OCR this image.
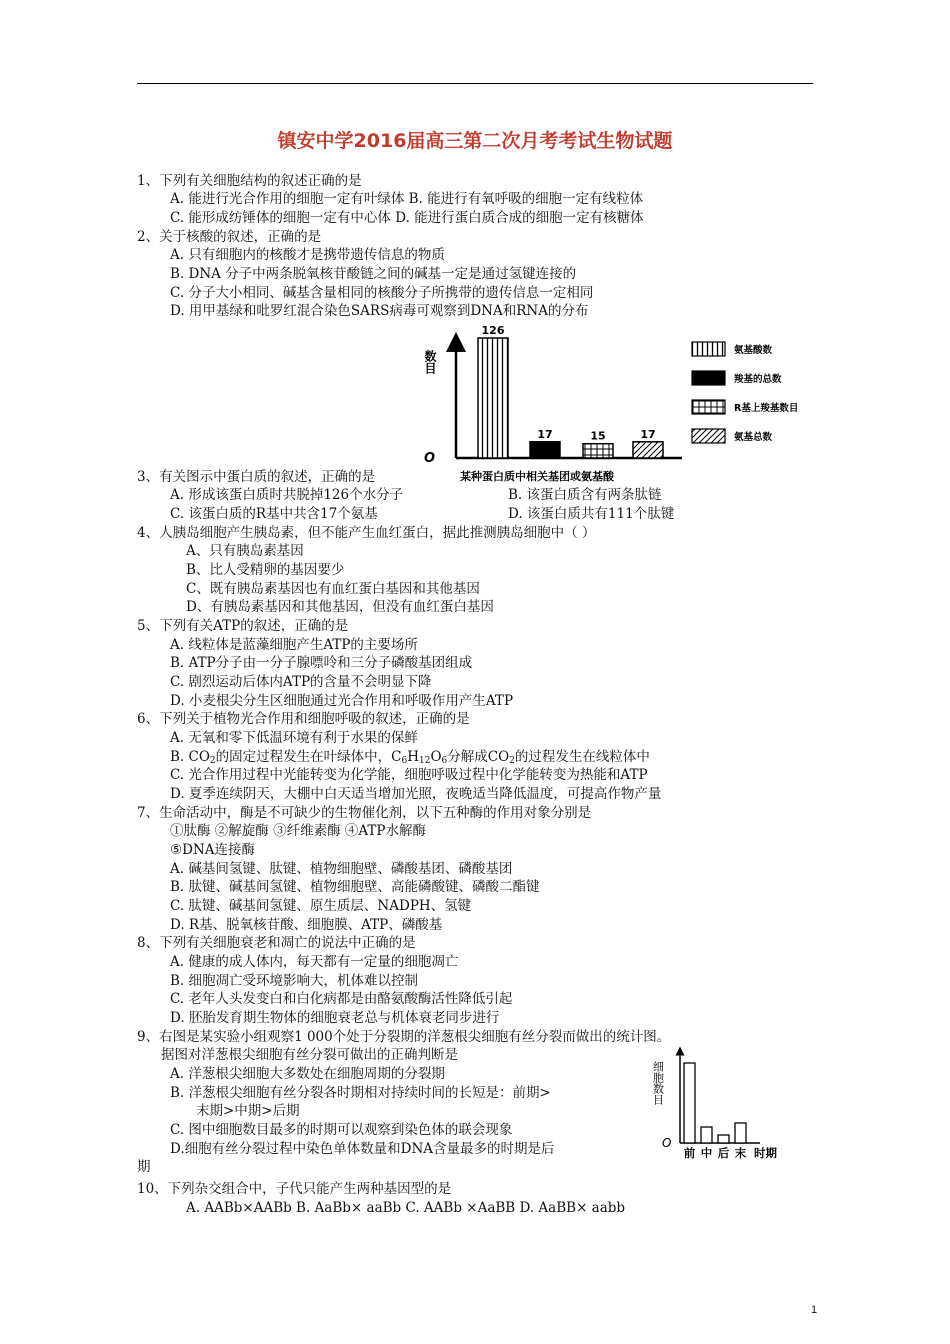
镇安中学2016届高三第二次月考考试生物试题
1、下列有关细胞结构的叙述正确的是
A. 能进行光合作用的细胞一定有叶绿体 B. 能进行有氧呼吸的细胞一定有线粒体
C. 能形成纺锤体的细胞一定有中心体 D. 能进行蛋白质合成的细胞一定有核糖体
2、关于核酸的叙述，正确的是
A. 只有细胞内的核酸才是携带遗传信息的物质
B. DNA 分子中两条脱氧核苷酸链之间的碱基一定是通过氢键连接的
C. 分子大小相同、碱基含量相同的核酸分子所携带的遗传信息一定相同
D. 用甲基绿和吡罗红混合染色SARS病毒可观察到DNA和RNA的分布
数目
O
某种蛋白质中相关基团或氨基酸
126
17	15	17
氨基酸数
羧基的总数
R基上羧基数目
氨基总数
3、有关图示中蛋白质的叙述，正确的是
A. 形成该蛋白质时共脱掉126个水分子	B. 该蛋白质含有两条肽链
C. 该蛋白质的R基中共含17个氨基	D. 该蛋白质共有111个肽键
4、人胰岛细胞产生胰岛素，但不能产生血红蛋白，据此推测胰岛细胞中（ ）
A、只有胰岛素基因
B、比人受精卵的基因要少
C、既有胰岛素基因也有血红蛋白基因和其他基因
D、有胰岛素基因和其他基因，但没有血红蛋白基因
5、下列有关ATP的叙述，正确的是
A. 线粒体是蓝藻细胞产生ATP的主要场所
B. ATP分子由一分子腺嘌呤和三分子磷酸基团组成
C. 剧烈运动后体内ATP的含量不会明显下降
D. 小麦根尖分生区细胞通过光合作用和呼吸作用产生ATP
6、下列关于植物光合作用和细胞呼吸的叙述，正确的是
A. 无氧和零下低温环境有利于水果的保鲜
B. $CO_2$的固定过程发生在叶绿体中，$C_6H_{12}O_6$分解成$CO_2$的过程发生在线粒体中
C. 光合作用过程中光能转变为化学能，细胞呼吸过程中化学能转变为热能和ATP
D. 夏季连续阴天，大棚中白天适当增加光照，夜晚适当降低温度，可提高作物产量
7、生命活动中，酶是不可缺少的生物催化剂，以下五种酶的作用对象分别是
①肽酶 ②解旋酶 ③纤维素酶 ④ATP水解酶
⑤DNA连接酶
A. 碱基间氢键、肽键、植物细胞壁、磷酸基团、磷酸基团
B. 肽键、碱基间氢键、植物细胞壁、高能磷酸键、磷酸二酯键
C. 肽键、碱基间氢键、原生质层、NADPH、氢键
D. R基、脱氧核苷酸、细胞膜、ATP、磷酸基
8、下列有关细胞衰老和凋亡的说法中正确的是
A. 健康的成人体内，每天都有一定量的细胞凋亡
B. 细胞凋亡受环境影响大，机体难以控制
C. 老年人头发变白和白化病都是由酪氨酸酶活性降低引起
D. 胚胎发育期生物体的细胞衰老总与机体衰老同步进行
9、右图是某实验小组观察1 000个处于分裂期的洋葱根尖细胞有丝分裂而做出的统计图。
据图对洋葱根尖细胞有丝分裂可做出的正确判断是
A. 洋葱根尖细胞大多数处在细胞周期的分裂期
B. 洋葱根尖细胞有丝分裂各时期相对持续时间的长短是：前期>
末期>中期>后期
C. 图中细胞数目最多的时期可以观察到染色体的联会现象
D.细胞有丝分裂过程中染色单体数量和DNA含量最多的时期是后
期
细胞数目
O
前 中 后 末 时期
10、下列杂交组合中，子代只能产生两种基因型的是
A. AABb×AABb B. AaBb× aaBb C. AABb ×AaBB D. AaBB× aabb
1
